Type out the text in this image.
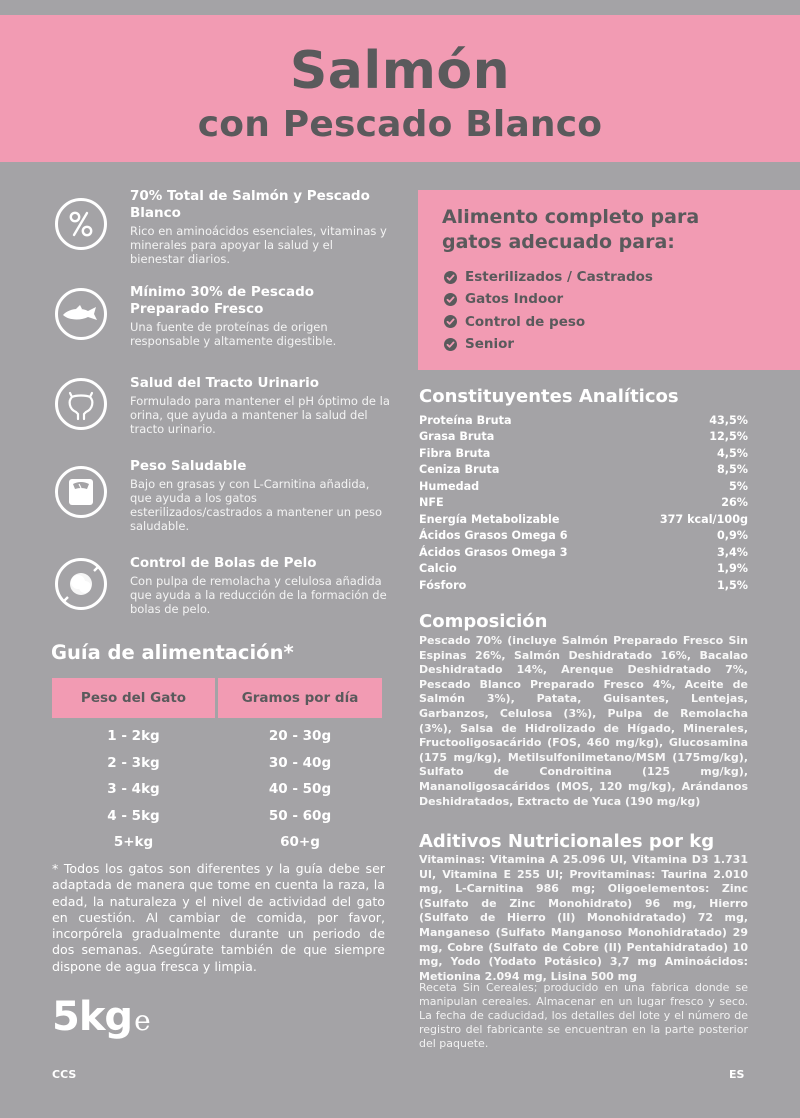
Salmón
con Pescado Blanco
70% Total de Salmón y Pescado Blanco
Rico en aminoácidos esenciales, vitaminas y minerales para apoyar la salud y el bienestar diarios.
Mínimo 30% de Pescado Preparado Fresco
Una fuente de proteínas de origen responsable y altamente digestible.
Salud del Tracto Urinario
Formulado para mantener el pH óptimo de la orina, que ayuda a mantener la salud del tracto urinario.
Peso Saludable
Bajo en grasas y con L-Carnitina añadida, que ayuda a los gatos esterilizados/castrados a mantener un peso saludable.
Control de Bolas de Pelo
Con pulpa de remolacha y celulosa añadida que ayuda a la reducción de la formación de bolas de pelo.
Guía de alimentación*
Peso del Gato	Gramos por día
1 - 2kg	20 - 30g
2 - 3kg	30 - 40g
3 - 4kg	40 - 50g
4 - 5kg	50 - 60g
5+kg	60+g
* Todos los gatos son diferentes y la guía debe ser adaptada de manera que tome en cuenta la raza, la edad, la naturaleza y el nivel de actividad del gato en cuestión. Al cambiar de comida, por favor, incorpórela gradualmente durante un periodo de dos semanas. Asegúrate también de que siempre dispone de agua fresca y limpia.
5kge
CCS	ES
Alimento completo para gatos adecuado para:
Esterilizados / Castrados
Gatos Indoor
Control de peso
Senior
Constituyentes Analíticos
Proteína Bruta	43,5%
Grasa Bruta	12,5%
Fibra Bruta	4,5%
Ceniza Bruta	8,5%
Humedad	5%
NFE	26%
Energía Metabolizable	377 kcal/100g
Ácidos Grasos Omega 6	0,9%
Ácidos Grasos Omega 3	3,4%
Calcio	1,9%
Fósforo	1,5%
Composición
Pescado 70% (incluye Salmón Preparado Fresco Sin Espinas 26%, Salmón Deshidratado 16%, Bacalao Deshidratado 14%, Arenque Deshidratado 7%, Pescado Blanco Preparado Fresco 4%, Aceite de Salmón 3%), Patata, Guisantes, Lentejas, Garbanzos, Celulosa (3%), Pulpa de Remolacha (3%), Salsa de Hidrolizado de Hígado, Minerales, Fructooligosacárido (FOS, 460 mg/kg), Glucosamina (175 mg/kg), Metilsulfonilmetano/MSM (175mg/kg), Sulfato de Condroitina (125 mg/kg), Mananoligosacáridos (MOS, 120 mg/kg), Arándanos Deshidratados, Extracto de Yuca (190 mg/kg)
Aditivos Nutricionales por kg
Vitaminas: Vitamina A 25.096 UI, Vitamina D3 1.731 UI, Vitamina E 255 UI; Provitaminas: Taurina 2.010 mg, L-Carnitina 986 mg; Oligoelementos: Zinc (Sulfato de Zinc Monohidrato) 96 mg, Hierro (Sulfato de Hierro (II) Monohidratado) 72 mg, Manganeso (Sulfato Manganoso Monohidratado) 29 mg, Cobre (Sulfato de Cobre (II) Pentahidratado) 10 mg, Yodo (Yodato Potásico) 3,7 mg Aminoácidos: Metionina 2.094 mg, Lisina 500 mg
Receta Sin Cereales; producido en una fabrica donde se manipulan cereales. Almacenar en un lugar fresco y seco. La fecha de caducidad, los detalles del lote y el número de registro del fabricante se encuentran en la parte posterior del paquete.
